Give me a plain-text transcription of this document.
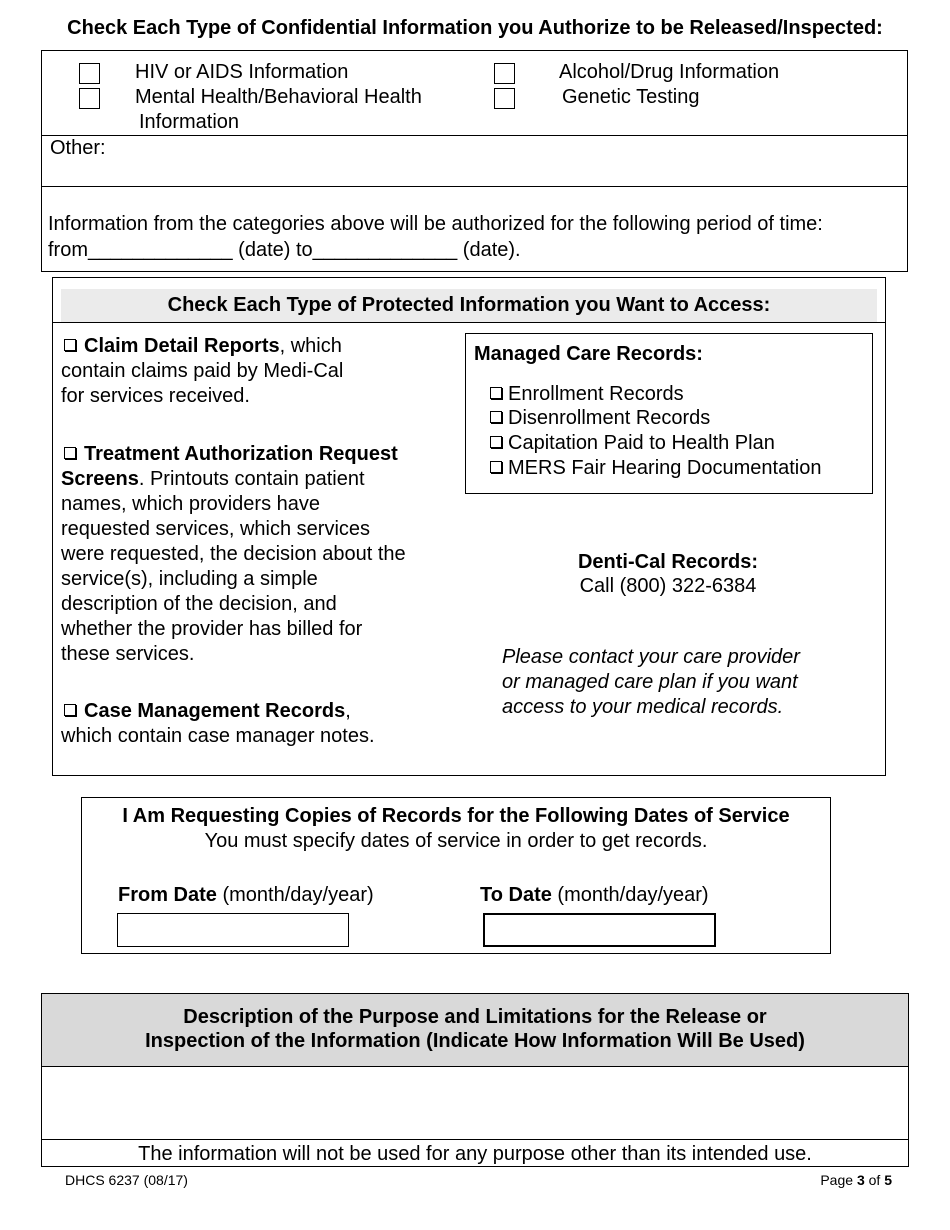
Check Each Type of Confidential Information you Authorize to be Released/Inspected:
HIV or AIDS Information
Mental Health/Behavioral Health
Information
Alcohol/Drug Information
Genetic Testing
Other:
Information from the categories above will be authorized for the following period of time:
from_____________ (date) to_____________ (date).
Check Each Type of Protected Information you Want to Access:
Claim Detail Reports, which
contain claims paid by Medi-Cal
for services received.
Treatment Authorization Request
Screens. Printouts contain patient
names, which providers have
requested services, which services
were requested, the decision about the
service(s), including a simple
description of the decision, and
whether the provider has billed for
these services.
Case Management Records,
which contain case manager notes.
Managed Care Records:
Enrollment Records
Disenrollment Records
Capitation Paid to Health Plan
MERS Fair Hearing Documentation
Denti-Cal Records:
Call (800) 322-6384
Please contact your care provider
or managed care plan if you want
access to your medical records.
I Am Requesting Copies of Records for the Following Dates of Service
You must specify dates of service in order to get records.
From Date (month/day/year)	To Date (month/day/year)
Description of the Purpose and Limitations for the Release or
Inspection of the Information (Indicate How Information Will Be Used)
The information will not be used for any purpose other than its intended use.
DHCS 6237 (08/17)	Page 3 of 5
